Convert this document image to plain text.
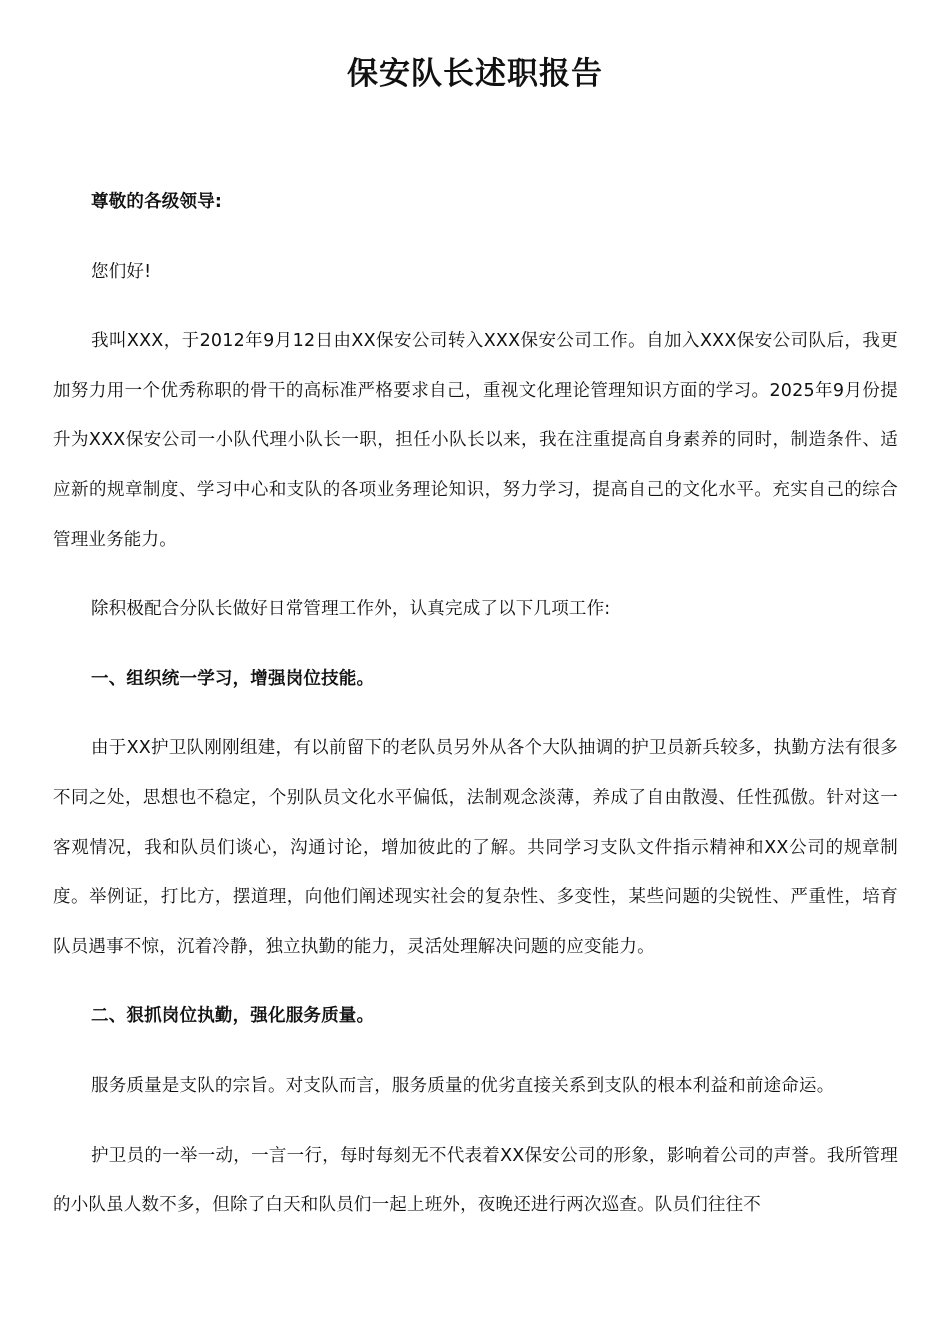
保安队长述职报告

尊敬的各级领导:

您们好!

我叫XXX，于2012年9月12日由XX保安公司转入XXX保安公司工作。自加入XXX保安公司队后，我更加努力用一个优秀称职的骨干的高标准严格要求自己，重视文化理论管理知识方面的学习。2025年9月份提升为XXX保安公司一小队代理小队长一职，担任小队长以来，我在注重提高自身素养的同时，制造条件、适应新的规章制度、学习中心和支队的各项业务理论知识，努力学习，提高自己的文化水平。充实自己的综合管理业务能力。

除积极配合分队长做好日常管理工作外，认真完成了以下几项工作:

一、组织统一学习，增强岗位技能。

由于XX护卫队刚刚组建，有以前留下的老队员另外从各个大队抽调的护卫员新兵较多，执勤方法有很多不同之处，思想也不稳定，个别队员文化水平偏低，法制观念淡薄，养成了自由散漫、任性孤傲。针对这一客观情况，我和队员们谈心，沟通讨论，增加彼此的了解。共同学习支队文件指示精神和XX公司的规章制度。举例证，打比方，摆道理，向他们阐述现实社会的复杂性、多变性，某些问题的尖锐性、严重性，培育队员遇事不惊，沉着冷静，独立执勤的能力，灵活处理解决问题的应变能力。

二、狠抓岗位执勤，强化服务质量。

服务质量是支队的宗旨。对支队而言，服务质量的优劣直接关系到支队的根本利益和前途命运。

护卫员的一举一动，一言一行，每时每刻无不代表着XX保安公司的形象，影响着公司的声誉。我所管理的小队虽人数不多，但除了白天和队员们一起上班外，夜晚还进行两次巡查。队员们往往不
